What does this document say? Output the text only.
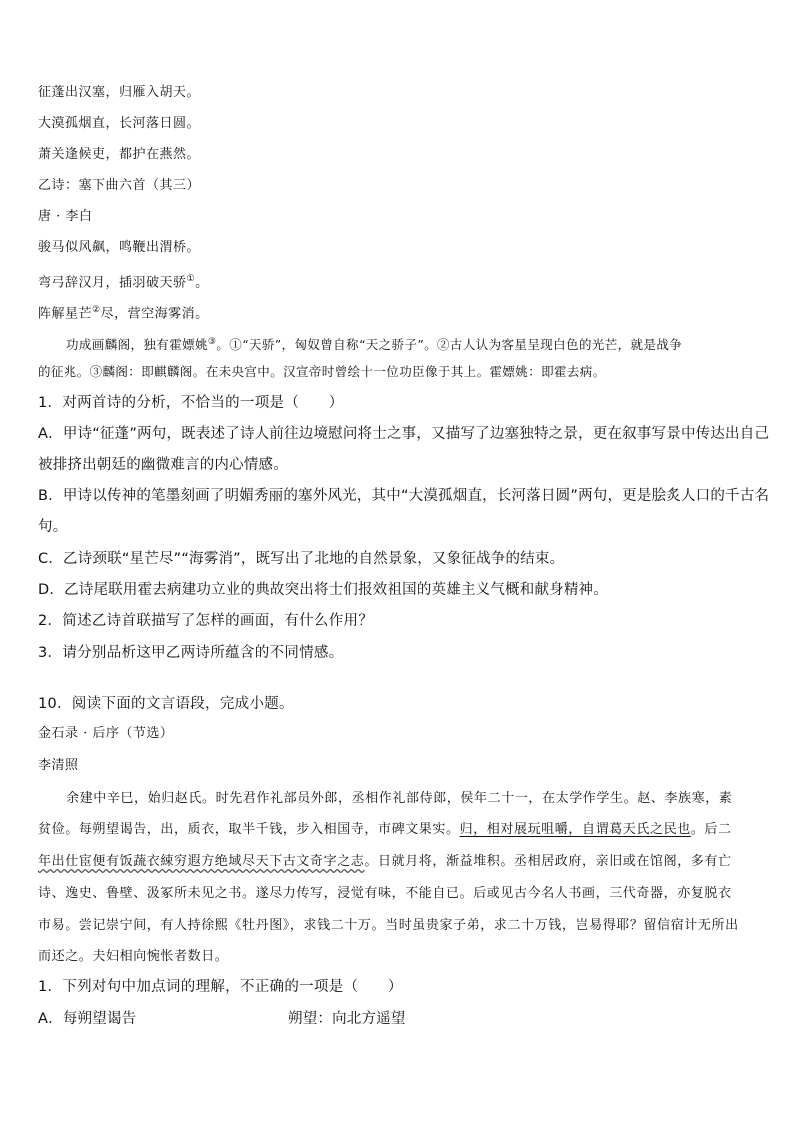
征蓬出汉塞，归雁入胡天。

大漠孤烟直，长河落日圆。

萧关逢候吏，都护在燕然。

乙诗：塞下曲六首（其三）

唐 · 李白

骏马似风飙，鸣鞭出渭桥。

弯弓辞汉月，插羽破天骄①。

阵解星芒②尽，营空海雾消。

功成画麟阁，独有霍嫖姚③。①“天骄”，匈奴曾自称“天之骄子”。②古人认为客星呈现白色的光芒，就是战争

的征兆。③麟阁：即麒麟阁。在未央宫中。汉宣帝时曾绘十一位功臣像于其上。霍嫖姚：即霍去病。

1．对两首诗的分析，不恰当的一项是（　　）

A．甲诗“征蓬”两句，既表述了诗人前往边境慰问将士之事，又描写了边塞独特之景，更在叙事写景中传达出自己

被排挤出朝廷的幽微难言的内心情感。

B．甲诗以传神的笔墨刻画了明媚秀丽的塞外风光，其中“大漠孤烟直，长河落日圆”两句，更是脍炙人口的千古名

句。

C．乙诗颈联“星芒尽”“海雾消”，既写出了北地的自然景象，又象征战争的结束。

D．乙诗尾联用霍去病建功立业的典故突出将士们报效祖国的英雄主义气概和献身精神。

2．简述乙诗首联描写了怎样的画面，有什么作用？

3．请分别品析这甲乙两诗所蕴含的不同情感。

10．阅读下面的文言语段，完成小题。

金石录 · 后序（节选）

李清照

余建中辛巳，始归赵氏。时先君作礼部员外郎，丞相作礼部侍郎，侯年二十一，在太学作学生。赵、李族寒，素

贫俭。每朔望谒告，出，质衣，取半千钱，步入相国寺，市碑文果实。归，相对展玩咀嚼，自谓葛天氏之民也。后二

年出仕宦便有饭蔬衣綀穷遐方绝域尽天下古文奇字之志。日就月将，渐益堆积。丞相居政府，亲旧或在馆阁，多有亡

诗、逸史、鲁壁、汲冢所未见之书。遂尽力传写，浸觉有味，不能自已。后或见古今名人书画，三代奇器，亦复脱衣

市易。尝记崇宁间，有人持徐熙《牡丹图》，求钱二十万。当时虽贵家子弟，求二十万钱，岂易得耶？留信宿计无所出

而还之。夫妇相向惋怅者数日。

1．下列对句中加点词的理解，不正确的一项是（　　）

A．每朔望谒告	朔望：向北方遥望
